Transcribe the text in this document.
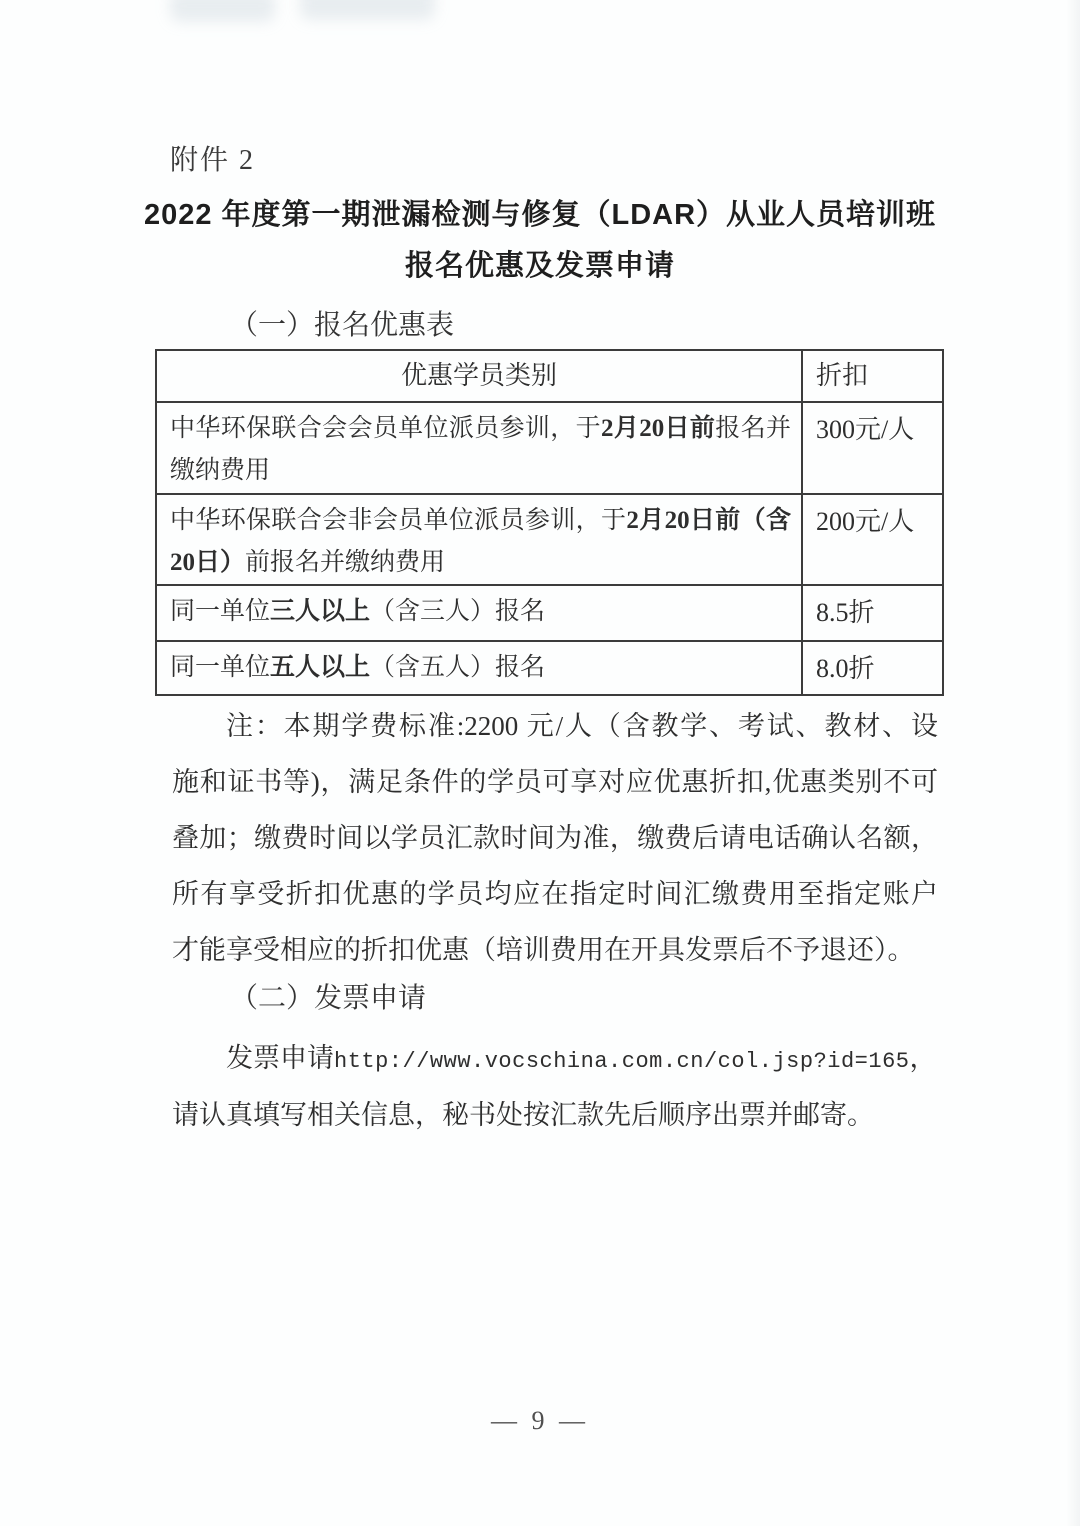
附件 2
2022 年度第一期泄漏检测与修复（LDAR）从业人员培训班
报名优惠及发票申请
（一）报名优惠表
优惠学员类别	折扣

中华环保联合会会员单位派员参训，于2月20日前报名并
缴纳费用	300元/人

中华环保联合会非会员单位派员参训，于2月20日前（含
20日）前报名并缴纳费用	200元/人

同一单位三人以上（含三人）报名	8.5折

同一单位五人以上（含五人）报名	8.0折
注：本期学费标准:2200 元/人（含教学、考试、教材、设
施和证书等)，满足条件的学员可享对应优惠折扣,优惠类别不可
叠加；缴费时间以学员汇款时间为准，缴费后请电话确认名额，
所有享受折扣优惠的学员均应在指定时间汇缴费用至指定账户
才能享受相应的折扣优惠（培训费用在开具发票后不予退还）。
（二）发票申请
发票申请http://www.vocschina.com.cn/col.jsp?id=165，
请认真填写相关信息，秘书处按汇款先后顺序出票并邮寄。
— 9 —
